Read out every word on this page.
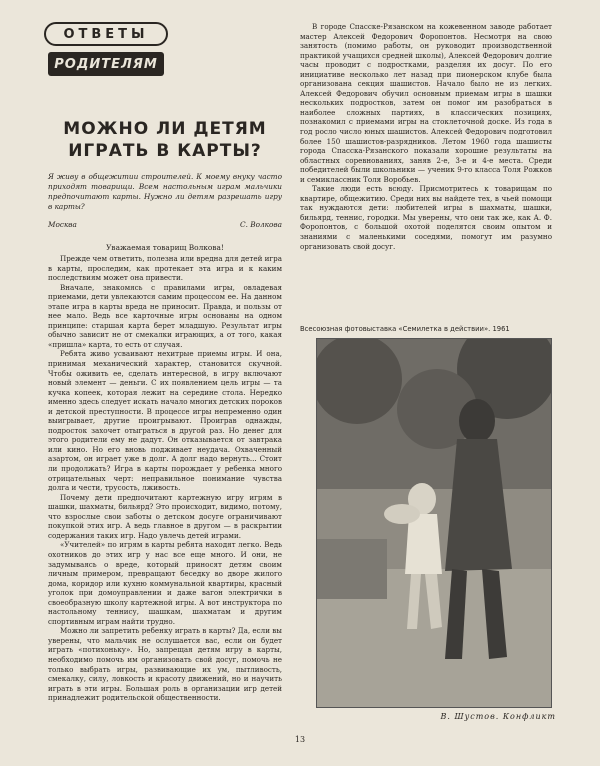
ОТВЕТЫ
РОДИТЕЛЯМ
МОЖНО ЛИ ДЕТЯМ ИГРАТЬ В КАРТЫ?
Я живу в общежитии строителей. К моему внуку часто приходят товарищи. Всем настольным играм мальчики предпочитают карты. Нужно ли детям разрешать игру в карты?
Москва	С. Волкова
Уважаемая товарищ Волкова!

Прежде чем ответить, полезна или вредна для детей игра в карты, проследим, как протекает эта игра и к каким последствиям может она привести.

Вначале, знакомясь с правилами игры, овладевая приемами, дети увлекаются самим процессом ее. На данном этапе игра в карты вреда не приносит. Правда, и пользы от нее мало. Ведь все карточные игры основаны на одном принципе: старшая карта берет младшую. Результат игры обычно зависит не от смекалки играющих, а от того, какая «пришла» карта, то есть от случая.

Ребята живо усваивают нехитрые приемы игры. И она, принимая механический характер, становится скучной. Чтобы оживить ее, сделать интересной, в игру включают новый элемент — деньги. С их появлением цель игры — та кучка копеек, которая лежит на середине стола. Нередко именно здесь следует искать начало многих детских пороков и детской преступности. В процессе игры непременно один выигрывает, другие проигрывают. Проиграв однажды, подросток захочет отыграться в другой раз. Но денег для этого родители ему не дадут. Он отказывается от завтрака или кино. Но его вновь подживает неудача. Охваченный азартом, он играет уже в долг. А долг надо вернуть... Стоит ли продолжать? Игра в карты порождает у ребенка много отрицательных черт: неправильное понимание чувства долга и чести, трусость, лживость.

Почему дети предпочитают картежную игру игрям в шашки, шахматы, бильярд? Это происходит, видимо, потому, что взрослые свои заботы о детском досуге ограничивают покупкой этих игр. А ведь главное в другом — в раскрытии содержания таких игр. Надо увлечь детей играми.

«Учителей» по игрям в карты ребята находят легко. Ведь охотников до этих игр у нас все еще много. И они, не задумываясь о вреде, который приносят детям своим личным примером, превращают беседку во дворе жилого дома, коридор или кухню коммунальной квартиры, красный уголок при домоуправлении и даже вагон электрички в своеобразную школу картежной игры. А вот инструктора по настольному теннису, шашкам, шахматам и другим спортивным играм найти трудно.

Можно ли запретить ребенку играть в карты? Да, если вы уверены, что мальчик не ослушается вас, если он будет играть «потихоньку». Но, запрещая детям игру в карты, необходимо помочь им организовать свой досуг, помочь не только выбрать игры, развивающие их ум, пытливость, смекалку, силу, ловкость и красоту движений, но и научить играть в эти игры. Большая роль в организации игр детей принадлежит родительской общественности.

В городе Спасске-Рязанском на кожевенном заводе работает мастер Алексей Федорович Форопонтов. Несмотря на свою занятость (помимо работы, он руководит производственной практикой учащихся средней школы), Алексей Федорович долгие часы проводит с подростками, разделяя их досуг. По его инициативе несколько лет назад при пионерском клубе была организована секция шашистов. Начало было не из легких. Алексей Федорович обучил основным приемам игры в шашки нескольких подростков, затем он помог им разобраться в наиболее сложных партиях, в классических позициях, познакомил с приемами игры на стоклеточной доске. Из года в год росло число юных шашистов. Алексей Федорович подготовил более 150 шашистов-разрядников. Летом 1960 года шашисты города Спасска-Рязанского показали хорошие результаты на областных соревнованиях, заняв 2-е, 3-е и 4-е места. Среди победителей были школьники — ученик 9-го класса Толя Рожков и семиклассник Толя Воробьев.

Такие люди есть всюду. Присмотритесь к товарищам по квартире, общежитию. Среди них вы найдете тех, в чьей помощи так нуждаются дети: любителей игры в шахматы, шашки, бильярд, теннис, городки. Мы уверены, что они так же, как А. Ф. Форопонтов, с большой охотой поделятся своим опытом и знаниями с маленькими соседями, помогут им разумно организовать свой досуг.

Всесоюзная фотовыставка «Семилетка в действии». 1961
В. Шустов. Конфликт
13
